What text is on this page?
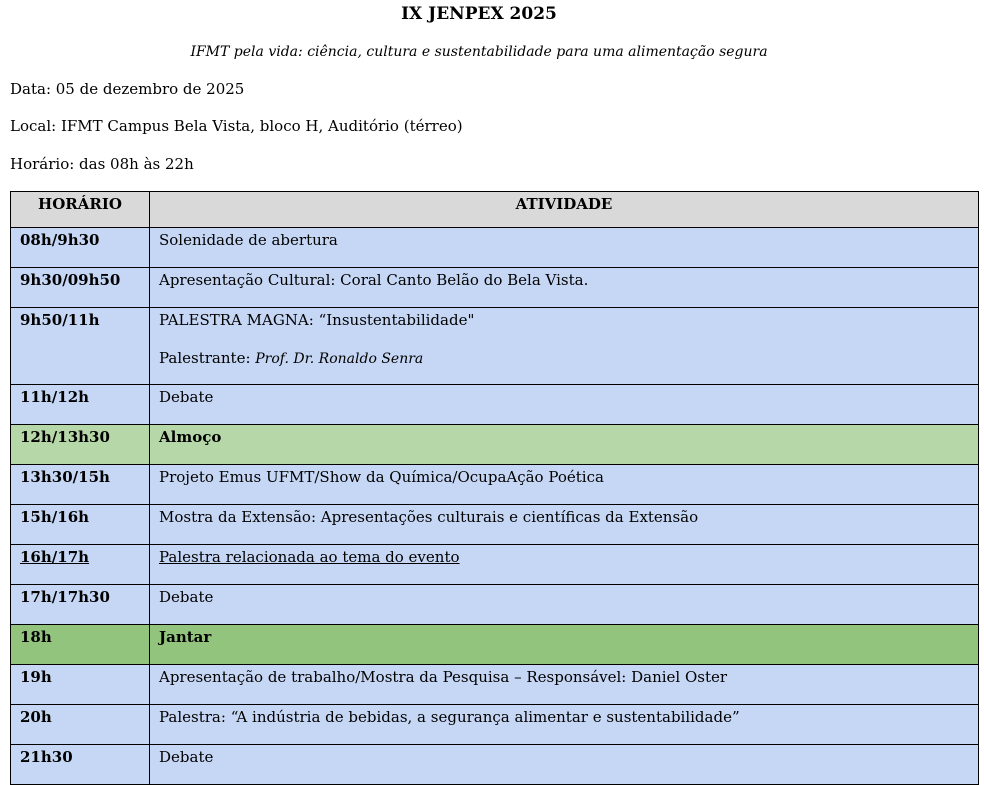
IX JENPEX 2025
IFMT pela vida: ciência, cultura e sustentabilidade para uma alimentação segura
Data: 05 de dezembro de 2025
Local: IFMT Campus Bela Vista, bloco H, Auditório (térreo)
Horário: das 08h às 22h
HORÁRIO	ATIVIDADE
08h/9h30	Solenidade de abertura
9h30/09h50	Apresentação Cultural: Coral Canto Belão do Bela Vista.
9h50/11h	PALESTRA MAGNA: “Insustentabilidade"
Palestrante: Prof. Dr. Ronaldo Senra

11h/12h	Debate
12h/13h30	Almoço
13h30/15h	Projeto Emus UFMT/Show da Química/OcupaAção Poética
15h/16h	Mostra da Extensão: Apresentações culturais e científicas da Extensão
16h/17h	Palestra relacionada ao tema do evento
17h/17h30	Debate
18h	Jantar
19h	Apresentação de trabalho/Mostra da Pesquisa – Responsável: Daniel Oster
20h	Palestra: “A indústria de bebidas, a segurança alimentar e sustentabilidade”
21h30	Debate
